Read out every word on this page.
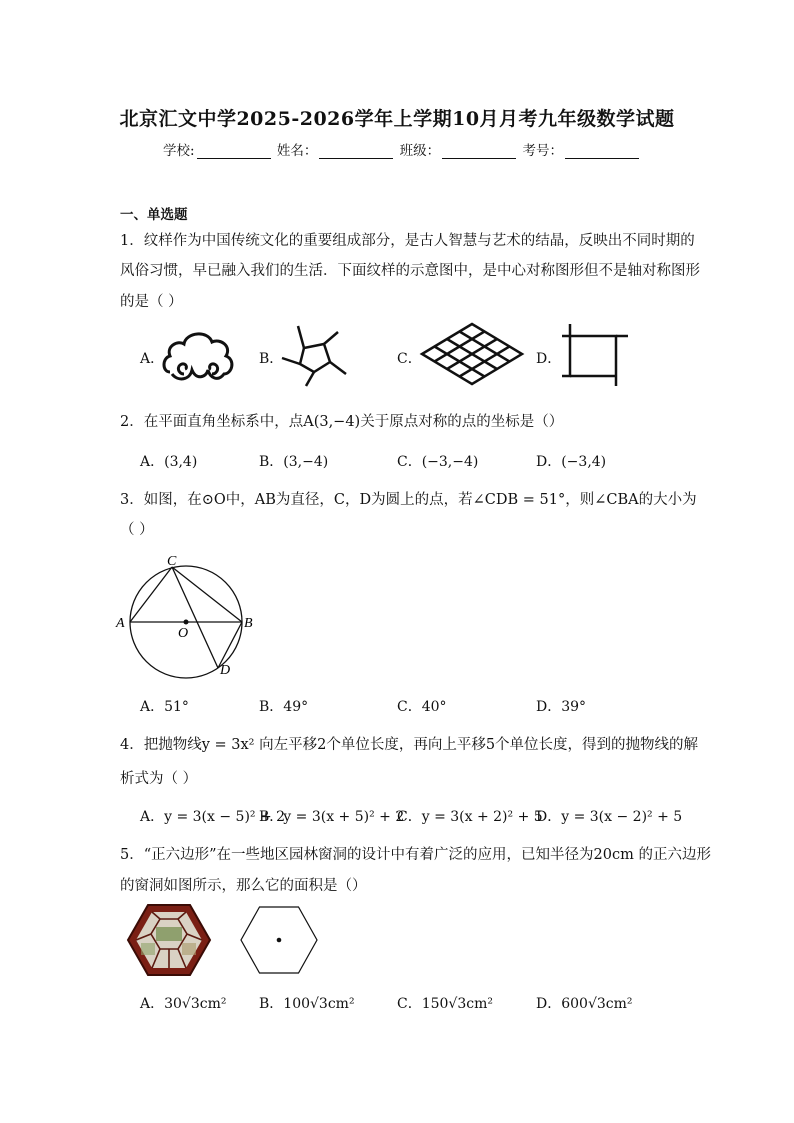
北京汇文中学2025-2026学年上学期10月月考九年级数学试题
学校:	姓名：	班级：	考号：
一、单选题
1．纹样作为中国传统文化的重要组成部分，是古人智慧与艺术的结晶，反映出不同时期的
风俗习惯，早已融入我们的生活．下面纹样的示意图中，是中心对称图形但不是轴对称图形
的是（ ）
A．	B．	C．	D．
2．在平面直角坐标系中，点A(3,−4)关于原点对称的点的坐标是（）
A．(3,4)	B．(3,−4)	C．(−3,−4)	D．(−3,4)
3．如图，在⊙O中，AB为直径，C，D为圆上的点，若∠CDB = 51°，则∠CBA的大小为
（ ）
A	B
C
D
O
A．51°	B．49°	C．40°	D．39°
4．把抛物线y = 3x² 向左平移2个单位长度，再向上平移5个单位长度，得到的抛物线的解
析式为（ ）
A．y = 3(x − 5)² + 2
B．y = 3(x + 5)² + 2
C．y = 3(x + 2)² + 5
D．y = 3(x − 2)² + 5
5．“正六边形”在一些地区园林窗洞的设计中有着广泛的应用，已知半径为20cm 的正六边形
的窗洞如图所示，那么它的面积是（）
A．30√3cm² B．100√3cm²	C．150√3cm²	D．600√3cm²
